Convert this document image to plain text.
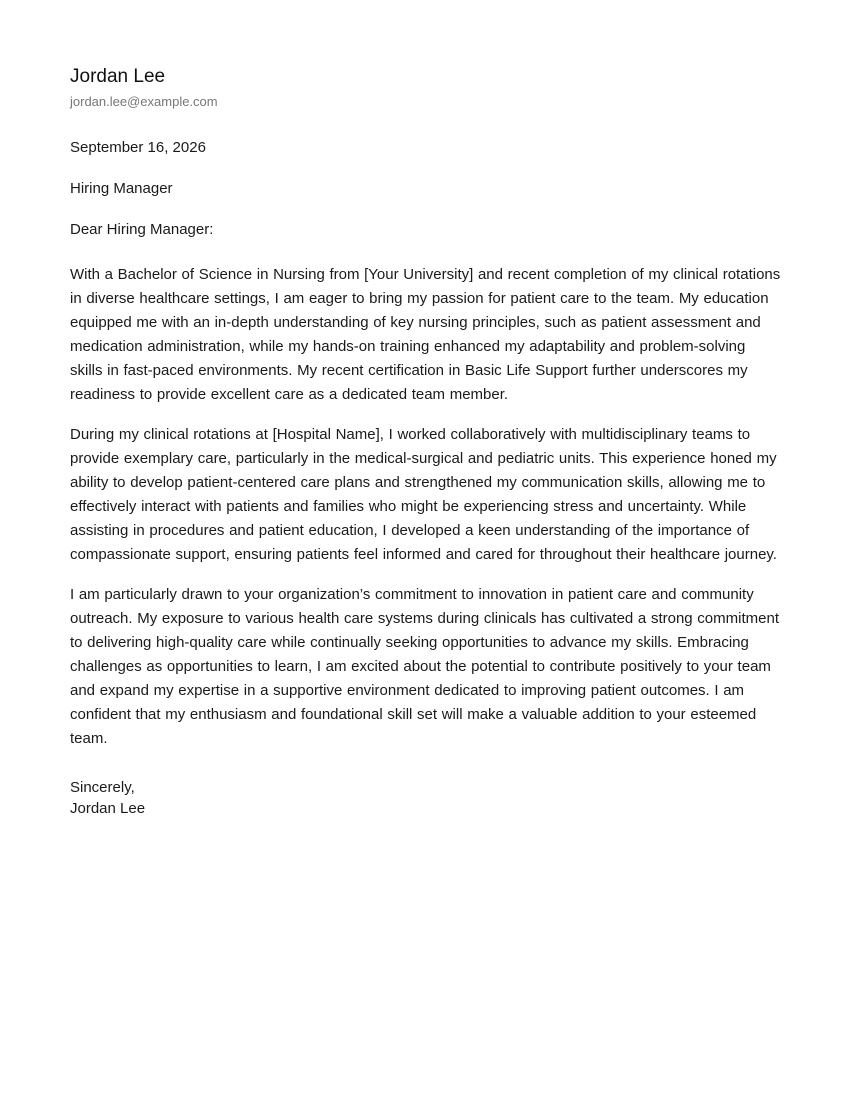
Jordan Lee
jordan.lee@example.com
September 16, 2026
Hiring Manager
Dear Hiring Manager:

With a Bachelor of Science in Nursing from [Your University] and recent completion of my clinical rotations in diverse healthcare settings, I am eager to bring my passion for patient care to the team. My education equipped me with an in-depth understanding of key nursing principles, such as patient assessment and medication administration, while my hands-on training enhanced my adaptability and problem-solving skills in fast-paced environments. My recent certification in Basic Life Support further underscores my readiness to provide excellent care as a dedicated team member.

During my clinical rotations at [Hospital Name], I worked collaboratively with multidisciplinary teams to provide exemplary care, particularly in the medical-surgical and pediatric units. This experience honed my ability to develop patient-centered care plans and strengthened my communication skills, allowing me to effectively interact with patients and families who might be experiencing stress and uncertainty. While assisting in procedures and patient education, I developed a keen understanding of the importance of compassionate support, ensuring patients feel informed and cared for throughout their healthcare journey.

I am particularly drawn to your organization’s commitment to innovation in patient care and community outreach. My exposure to various health care systems during clinicals has cultivated a strong commitment to delivering high-quality care while continually seeking opportunities to advance my skills. Embracing challenges as opportunities to learn, I am excited about the potential to contribute positively to your team and expand my expertise in a supportive environment dedicated to improving patient outcomes. I am confident that my enthusiasm and foundational skill set will make a valuable addition to your esteemed team.

Sincerely,
Jordan Lee
